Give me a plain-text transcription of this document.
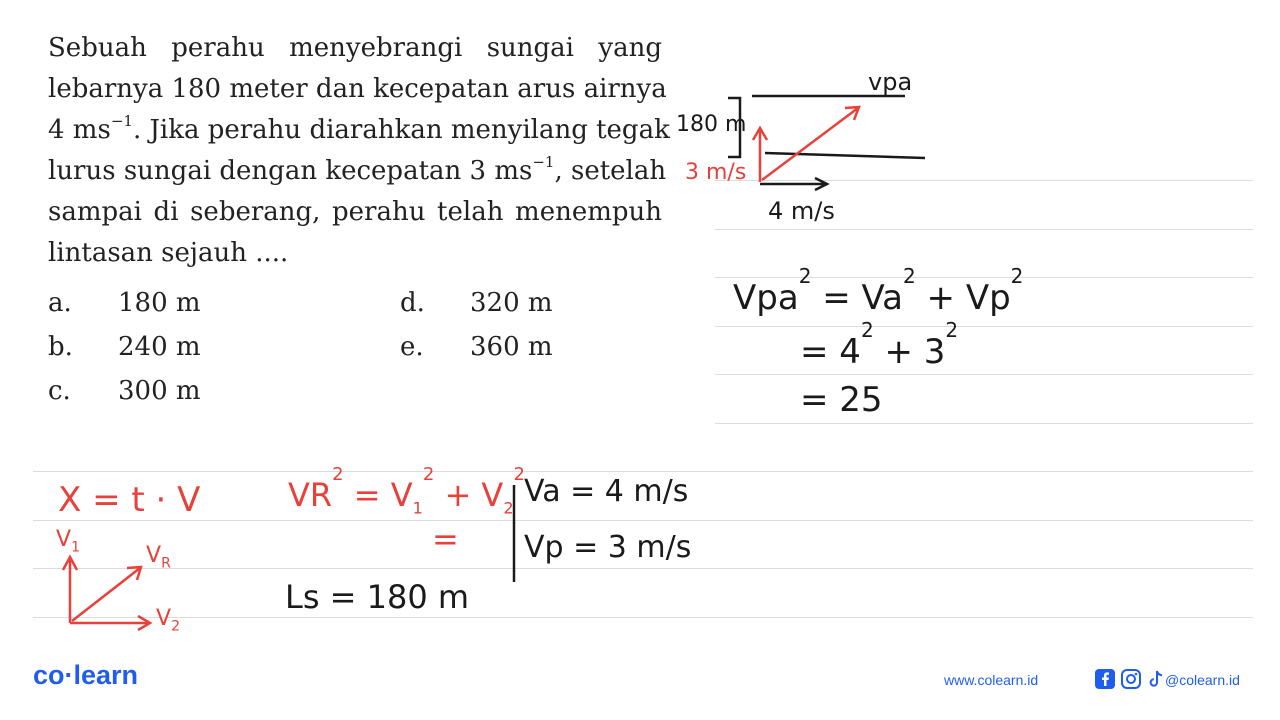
Sebuah perahu menyebrangi sungai yang
lebarnya 180 meter dan kecepatan arus airnya
4 $ms^{-1}$. Jika perahu diarahkan menyilang tegak
lurus sungai dengan kecepatan 3 $ms^{-1}$, setelah
sampai di seberang, perahu telah menempuh
lintasan sejauh ....
a. 180 m
b. 240 m
c. 300 m
d. 320 m
e. 360 m
vpa
180 m
3 m/s
4 m/s
$Vpa^2 = Va^2 + Vp^2$
= $4^2 + 3^2$
= 25
X = t · V
$V_1$	$V_R$
$V_2$
$VR^2 = V_1^2 + V_2^2$
=
Ls = 180 m
Va = 4 m/s
Vp = 3 m/s
co·learn	www.colearn.id	@colearn.id
